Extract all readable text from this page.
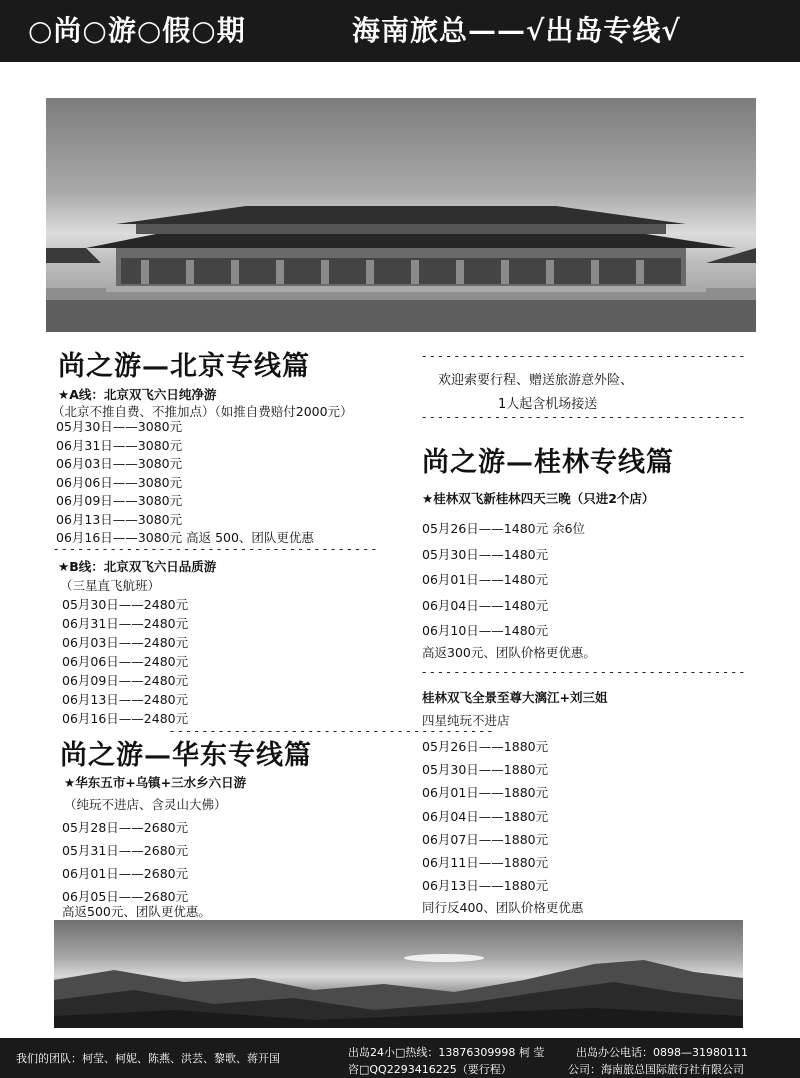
○尚○游○假○期	海南旅总——√出岛专线√
尚之游—北京专线篇
★A线：北京双飞六日纯净游
（北京不推自费、不推加点）（如推自费赔付2000元）
05月30日——3080元
06月31日——3080元
06月03日——3080元
06月06日——3080元
06月09日——3080元
06月13日——3080元
06月16日——3080元 高返 500、团队更优惠
- - - - - - - - - - - - - - - - - - - - - - - - - - - - - - - - - - - - - - - -
★B线：北京双飞六日品质游
（三星直飞航班）
05月30日——2480元
06月31日——2480元
06月03日——2480元
06月06日——2480元
06月09日——2480元
06月13日——2480元
06月16日——2480元
- - - - - - - - - - - - - - - - - - - - - - - - - - - - - - - - - - - - - - - -
尚之游—华东专线篇
★华东五市+乌镇+三水乡六日游
（纯玩不进店、含灵山大佛）
05月28日——2680元
05月31日——2680元
06月01日——2680元
06月05日——2680元
高返500元、团队更优惠。
- - - - - - - - - - - - - - - - - - - - - - - - - - - - - - - - - - - - - - - -
欢迎索要行程、赠送旅游意外险、
1人起含机场接送
- - - - - - - - - - - - - - - - - - - - - - - - - - - - - - - - - - - - - - - -
尚之游—桂林专线篇
★桂林双飞新桂林四天三晚（只进2个店）
05月26日——1480元 余6位
05月30日——1480元
06月01日——1480元
06月04日——1480元
06月10日——1480元
高返300元、团队价格更优惠。
- - - - - - - - - - - - - - - - - - - - - - - - - - - - - - - - - - - - - - - -
桂林双飞全景至尊大漓江+刘三姐
四星纯玩不进店
05月26日——1880元
05月30日——1880元
06月01日——1880元
06月04日——1880元
06月07日——1880元
06月11日——1880元
06月13日——1880元
同行反400、团队价格更优惠
我们的团队：柯莹、柯妮、陈燕、洪芸、黎歌、蒋开国	出岛24小□热线：13876309998 柯 莹
咨□QQ2293416225（要行程）
出岛办公电话：0898—31980111
公司：海南旅总国际旅行社有限公司
